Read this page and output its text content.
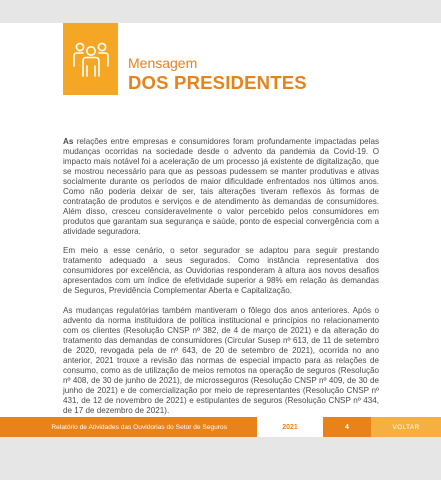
Mensagem
DOS PRESIDENTES

As relações entre empresas e consumidores foram profundamente impactadas pelas mudanças ocorridas na sociedade desde o advento da pandemia da Covid-19. O impacto mais notável foi a aceleração de um processo já existente de digitalização, que se mostrou necessário para que as pessoas pudessem se manter produtivas e ativas socialmente durante os períodos de maior dificuldade enfrentados nos últimos anos. Como não poderia deixar de ser, tais alterações tiveram reflexos às formas de contratação de produtos e serviços e de atendimento às demandas de consumidores. Além disso, cresceu consideravelmente o valor percebido pelos consumidores em produtos que garantam sua segurança e saúde, ponto de especial convergência com a atividade seguradora.

Em meio a esse cenário, o setor segurador se adaptou para seguir prestando tratamento adequado a seus segurados. Como instância representativa dos consumidores por excelência, as Ouvidorias responderam à altura aos novos desafios apresentados com um índice de efetividade superior a 98% em relação às demandas de Seguros, Previdência Complementar Aberta e Capitalização.

As mudanças regulatórias também mantiveram o fôlego dos anos anteriores. Após o advento da norma instituidora de política institucional e princípios no relacionamento com os clientes (Resolução CNSP nº 382, de 4 de março de 2021) e da alteração do tratamento das demandas de consumidores (Circular Susep nº 613, de 11 de setembro de 2020, revogada pela de nº 643, de 20 de setembro de 2021), ocorrida no ano anterior, 2021 trouxe a revisão das normas de especial impacto para as relações de consumo, como as de utilização de meios remotos na operação de seguros (Resolução nº 408, de 30 de junho de 2021), de microsseguros (Resolução CNSP nº 409, de 30 de junho de 2021) e de comercialização por meio de representantes (Resolução CNSP nº 431, de 12 de novembro de 2021) e estipulantes de seguros (Resolução CNSP nº 434, de 17 de dezembro de 2021).

Relatório de Atividades das Ouvidorias do Setor de Seguros	2021	4	VOLTAR
